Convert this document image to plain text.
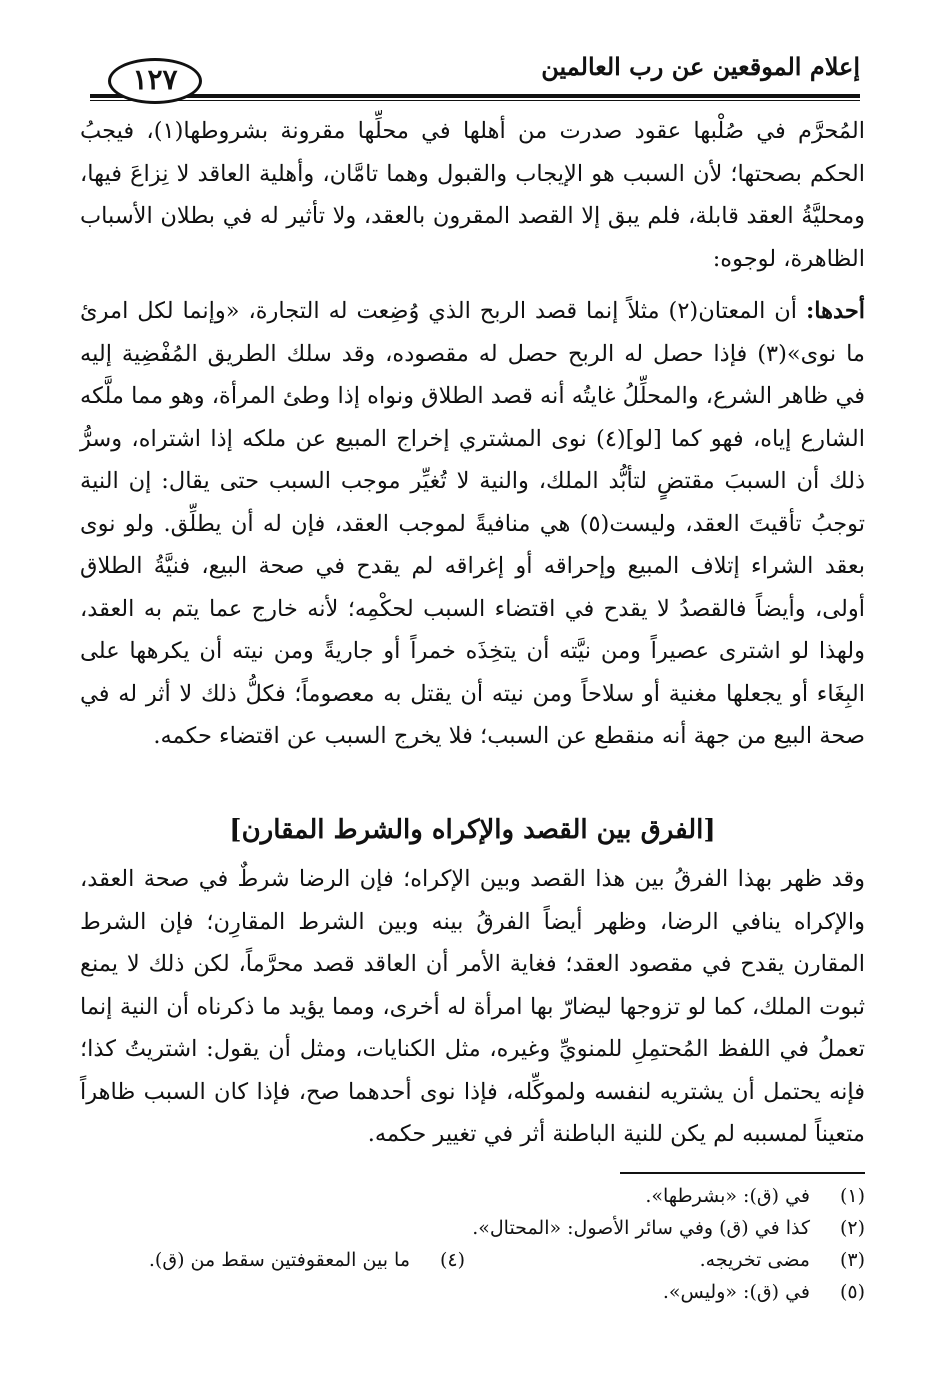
إعلام الموقعين عن رب العالمين
١٢٧

المُحرَّم في صُلْبها عقود صدرت من أهلها في محلِّها مقرونة بشروطها(١)، فيجبُ الحكم بصحتها؛ لأن السبب هو الإيجاب والقبول وهما تامَّان، وأهلية العاقد لا نِزاعَ فيها، ومحليَّةُ العقد قابلة، فلم يبق إلا القصد المقرون بالعقد، ولا تأثير له في بطلان الأسباب الظاهرة، لوجوه:

أحدها: أن المعتان(٢) مثلاً إنما قصد الربح الذي وُضِعت له التجارة، «وإنما لكل امرئ ما نوى»(٣) فإذا حصل له الربح حصل له مقصوده، وقد سلك الطريق المُفْضِية إليه في ظاهر الشرع، والمحلِّلُ غايتُه أنه قصد الطلاق ونواه إذا وطئ المرأة، وهو مما ملَّكه الشارع إياه، فهو كما [لو](٤) نوى المشتري إخراج المبيع عن ملكه إذا اشتراه، وسرُّ ذلك أن السببَ مقتضٍ لتأبُّد الملك، والنية لا تُغيِّر موجب السبب حتى يقال: إن النية توجبُ تأقيتَ العقد، وليست(٥) هي منافيةً لموجب العقد، فإن له أن يطلِّق. ولو نوى بعقد الشراء إتلاف المبيع وإحراقه أو إغراقه لم يقدح في صحة البيع، فنيَّةُ الطلاق أولى، وأيضاً فالقصدُ لا يقدح في اقتضاء السبب لحكْمِه؛ لأنه خارج عما يتم به العقد، ولهذا لو اشترى عصيراً ومن نيَّته أن يتخِذَه خمراً أو جاريةً ومن نيته أن يكرهها على البِغَاء أو يجعلها مغنية أو سلاحاً ومن نيته أن يقتل به معصوماً؛ فكلُّ ذلك لا أثر له في صحة البيع من جهة أنه منقطع عن السبب؛ فلا يخرج السبب عن اقتضاء حكمه.

[الفرق بين القصد والإكراه والشرط المقارن]

وقد ظهر بهذا الفرقُ بين هذا القصد وبين الإكراه؛ فإن الرضا شرطٌ في صحة العقد، والإكراه ينافي الرضا، وظهر أيضاً الفرقُ بينه وبين الشرط المقارِن؛ فإن الشرط المقارن يقدح في مقصود العقد؛ فغاية الأمر أن العاقد قصد محرَّماً، لكن ذلك لا يمنع ثبوت الملك، كما لو تزوجها ليضارّ بها امرأة له أخرى، ومما يؤيد ما ذكرناه أن النية إنما تعملُ في اللفظ المُحتمِلِ للمنويِّ وغيره، مثل الكنايات، ومثل أن يقول: اشتريتُ كذا؛ فإنه يحتمل أن يشتريه لنفسه ولموكِّله، فإذا نوى أحدهما صح، فإذا كان السبب ظاهراً متعيناً لمسببه لم يكن للنية الباطنة أثر في تغيير حكمه.

(١)في (ق): «بشرطها».
(٢)كذا في (ق) وفي سائر الأصول: «المحتال».
(٣)مضى تخريجه.
(٤)ما بين المعقوفتين سقط من (ق).
(٥)في (ق): «وليس».
